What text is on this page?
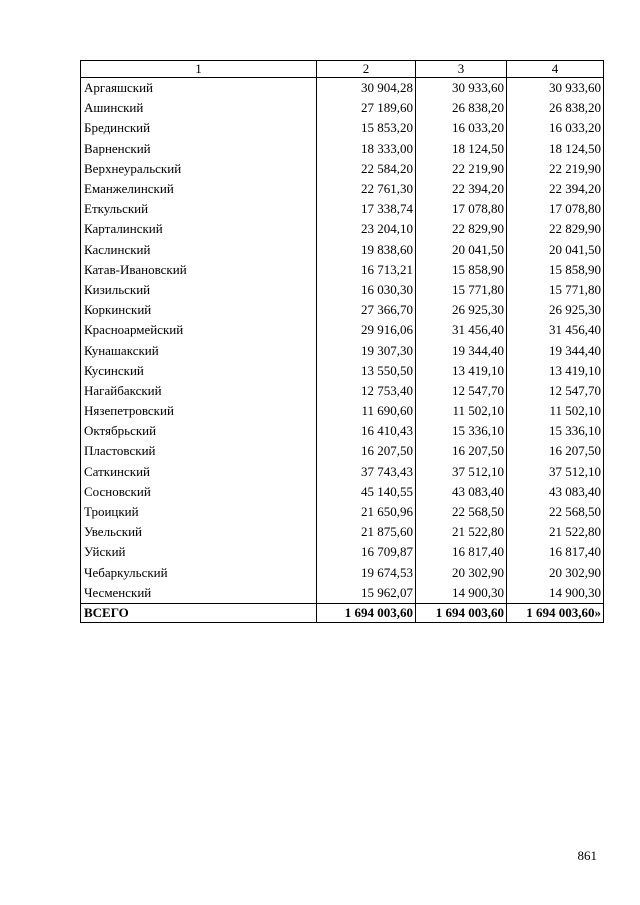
1	2	3	4
Аргаяшский	30 904,28	30 933,60	30 933,60
Ашинский	27 189,60	26 838,20	26 838,20
Брединский	15 853,20	16 033,20	16 033,20
Варненский	18 333,00	18 124,50	18 124,50
Верхнеуральский	22 584,20	22 219,90	22 219,90
Еманжелинский	22 761,30	22 394,20	22 394,20
Еткульский	17 338,74	17 078,80	17 078,80
Карталинский	23 204,10	22 829,90	22 829,90
Каслинский	19 838,60	20 041,50	20 041,50
Катав-Ивановский	16 713,21	15 858,90	15 858,90
Кизильский	16 030,30	15 771,80	15 771,80
Коркинский	27 366,70	26 925,30	26 925,30
Красноармейский	29 916,06	31 456,40	31 456,40
Кунашакский	19 307,30	19 344,40	19 344,40
Кусинский	13 550,50	13 419,10	13 419,10
Нагайбакский	12 753,40	12 547,70	12 547,70
Нязепетровский	11 690,60	11 502,10	11 502,10
Октябрьский	16 410,43	15 336,10	15 336,10
Пластовский	16 207,50	16 207,50	16 207,50
Саткинский	37 743,43	37 512,10	37 512,10
Сосновский	45 140,55	43 083,40	43 083,40
Троицкий	21 650,96	22 568,50	22 568,50
Увельский	21 875,60	21 522,80	21 522,80
Уйский	16 709,87	16 817,40	16 817,40
Чебаркульский	19 674,53	20 302,90	20 302,90
Чесменский	15 962,07	14 900,30	14 900,30
ВСЕГО	1 694 003,60	1 694 003,60	1 694 003,60»
861
